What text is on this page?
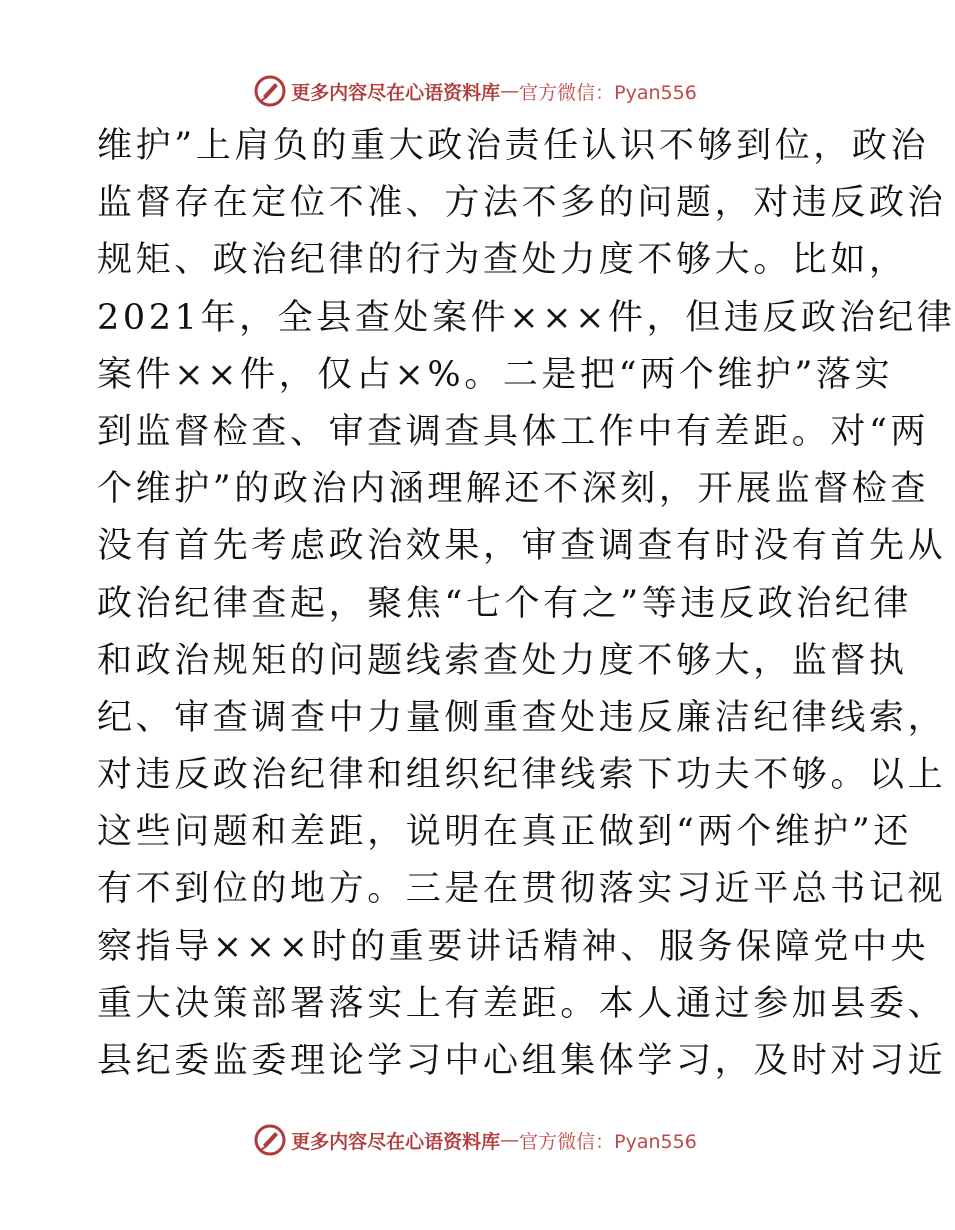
更多内容尽在心语资料库 — 官方微信：Pyan556
维护”上肩负的重大政治责任认识不够到位，政治
监督存在定位不准、方法不多的问题，对违反政治
规矩、政治纪律的行为查处力度不够大。比如，
2021年，全县查处案件×××件，但违反政治纪律
案件××件，仅占×%。二是把“两个维护”落实
到监督检查、审查调查具体工作中有差距。对“两
个维护”的政治内涵理解还不深刻，开展监督检查
没有首先考虑政治效果，审查调查有时没有首先从
政治纪律查起，聚焦“七个有之”等违反政治纪律
和政治规矩的问题线索查处力度不够大，监督执
纪、审查调查中力量侧重查处违反廉洁纪律线索，
对违反政治纪律和组织纪律线索下功夫不够。以上
这些问题和差距，说明在真正做到“两个维护”还
有不到位的地方。三是在贯彻落实习近平总书记视
察指导×××时的重要讲话精神、服务保障党中央
重大决策部署落实上有差距。本人通过参加县委、
县纪委监委理论学习中心组集体学习，及时对习近
更多内容尽在心语资料库 — 官方微信：Pyan556
